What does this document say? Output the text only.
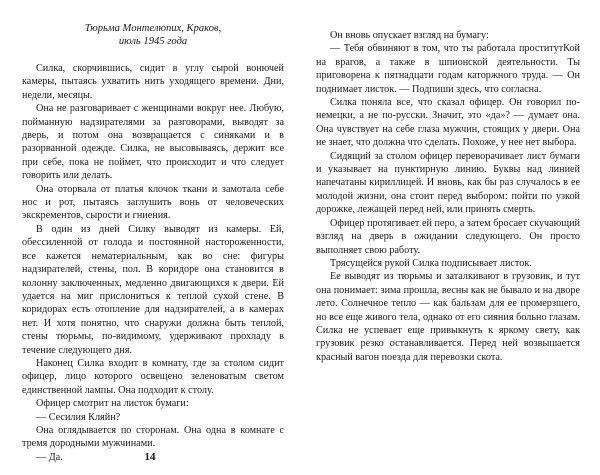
Тюрьма Монтелюпих, Краков,
июль 1945 года

Силка, скорчившись, сидит в углу сырой вонючей камеры, пытаясь ухватить нить уходящего времени. Дни, недели, месяцы.

Она не разговаривает с женщинами вокруг нее. Любую, пойманную надзирателями за разговорами, выводят за дверь, и потом она возвращается с синяками и в разорванной одежде. Силка, не высовываясь, держит все при себе, пока не поймет, что происходит и что следует говорить или делать.

Она оторвала от платья клочок ткани и замотала себе нос и рот, пытаясь заглушить вонь от человеческих экскрементов, сырости и гниения.

В один из дней Силку выводят из камеры. Ей, обессиленной от голода и постоянной настороженности, все кажется нематериальным, как во сне: фигуры надзирателей, стены, пол. В коридоре она становится в колонну заключенных, медленно двигающихся к двери. Ей удается на миг прислониться к теплой сухой стене. В коридорах есть отопление для надзирателей, а в камерах нет. И хотя понятно, что снаружи должна быть теплой, стены тюрьмы, по-видимому, удерживают прохладу в течение следующего дня.

Наконец Силка входит в комнату, где за столом сидит офицер, лицо которого освещено зеленоватым светом единственной лампы. Она подходит к столу.

Офицер смотрит на листок бумаги:

— Сесилия Кляйн?

Она оглядывается по сторонам. Она одна в комнате с тремя дородными мужчинами.

— Да.

Он вновь опускает взгляд на бумагу:

— Тебя обвиняют в том, что ты работала проститутКой на врагов, а также в шпионской деятельности. Ты приговорена к пятнадцати годам каторжного труда. — Он поднимает листок. — Подпиши здесь, что согласна.

Силка поняла все, что сказал офицер. Он говорил по-немецки, а не по-русски. Значит, это «да»? — думает она. Она чувствует на себе глаза мужчин, стоящих у двери. Она не знает, что должна что сделать. Похоже, у нее нет выбора.

Сидящий за столом офицер переворачивает лист бумаги и указывает на пунктирную линию. Буквы над линией напечатаны кириллицей. И вновь, как бы раз случалось в ее молодой жизни, она стоит перед выбором: пойти по узкой дорожке, лежащей перед ней, или принять смерть.

Офицер протягивает ей перо, а затем бросает скучающий взгляд на дверь в ожидании следующего. Он просто выполняет свою работу.

Трясущейся рукой Силка подписывает листок.

Ее выводят из тюрьмы и заталкивают в грузовик, и тут она понимает: зима прошла, весны как не бывало и на дворе лето. Солнечное тепло — как бальзам для ее промерзшего, но все еще живого тела, однако от его сияния больно глазам. Силка не успевает еще привыкнуть к яркому свету, как грузовик резко останавливается. Перед ней возвышается красный вагон поезда для перевозки скота.

14
